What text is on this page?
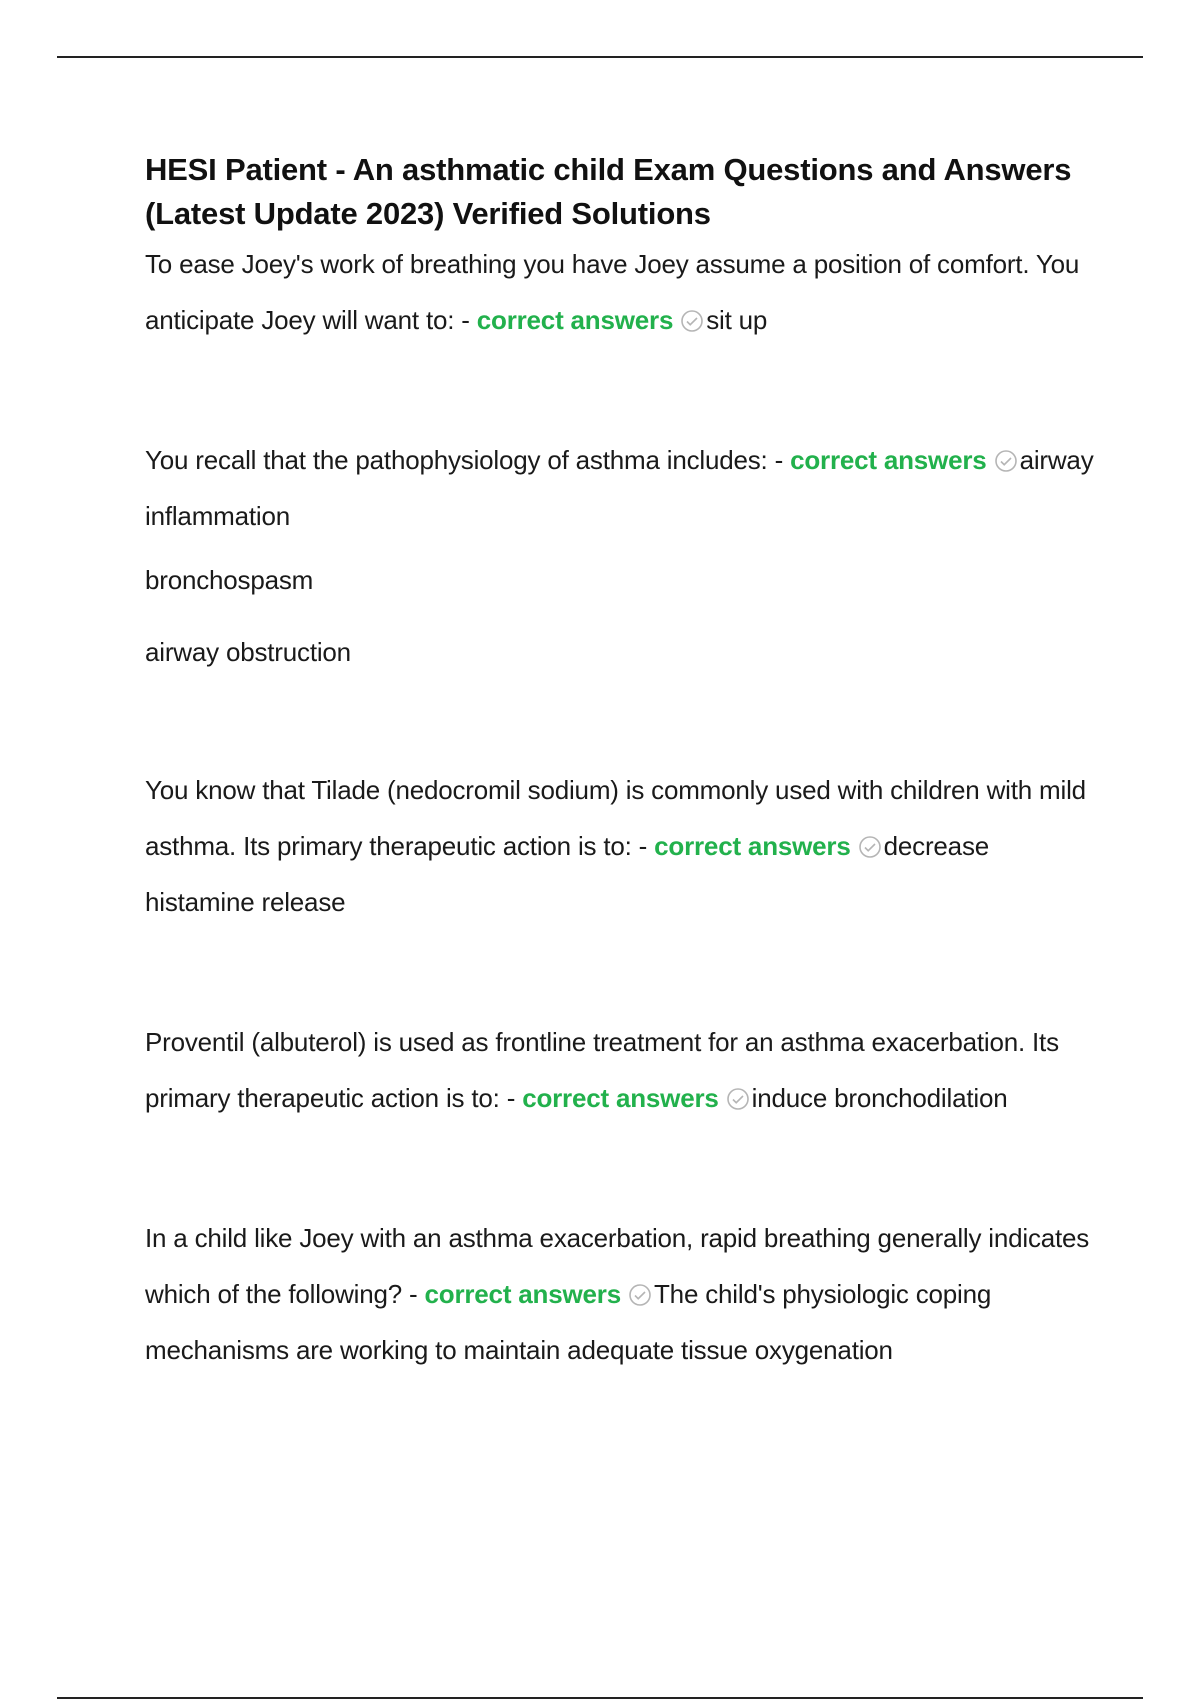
HESI Patient - An asthmatic child Exam Questions and Answers (Latest Update 2023) Verified Solutions

To ease Joey's work of breathing you have Joey assume a position of comfort. You anticipate Joey will want to: - correct answers sit up

You recall that the pathophysiology of asthma includes: - correct answers airway inflammation

bronchospasm

airway obstruction

You know that Tilade (nedocromil sodium) is commonly used with children with mild asthma. Its primary therapeutic action is to: - correct answers decrease histamine release

Proventil (albuterol) is used as frontline treatment for an asthma exacerbation. Its primary therapeutic action is to: - correct answers induce bronchodilation

In a child like Joey with an asthma exacerbation, rapid breathing generally indicates which of the following? - correct answers The child's physiologic coping mechanisms are working to maintain adequate tissue oxygenation
